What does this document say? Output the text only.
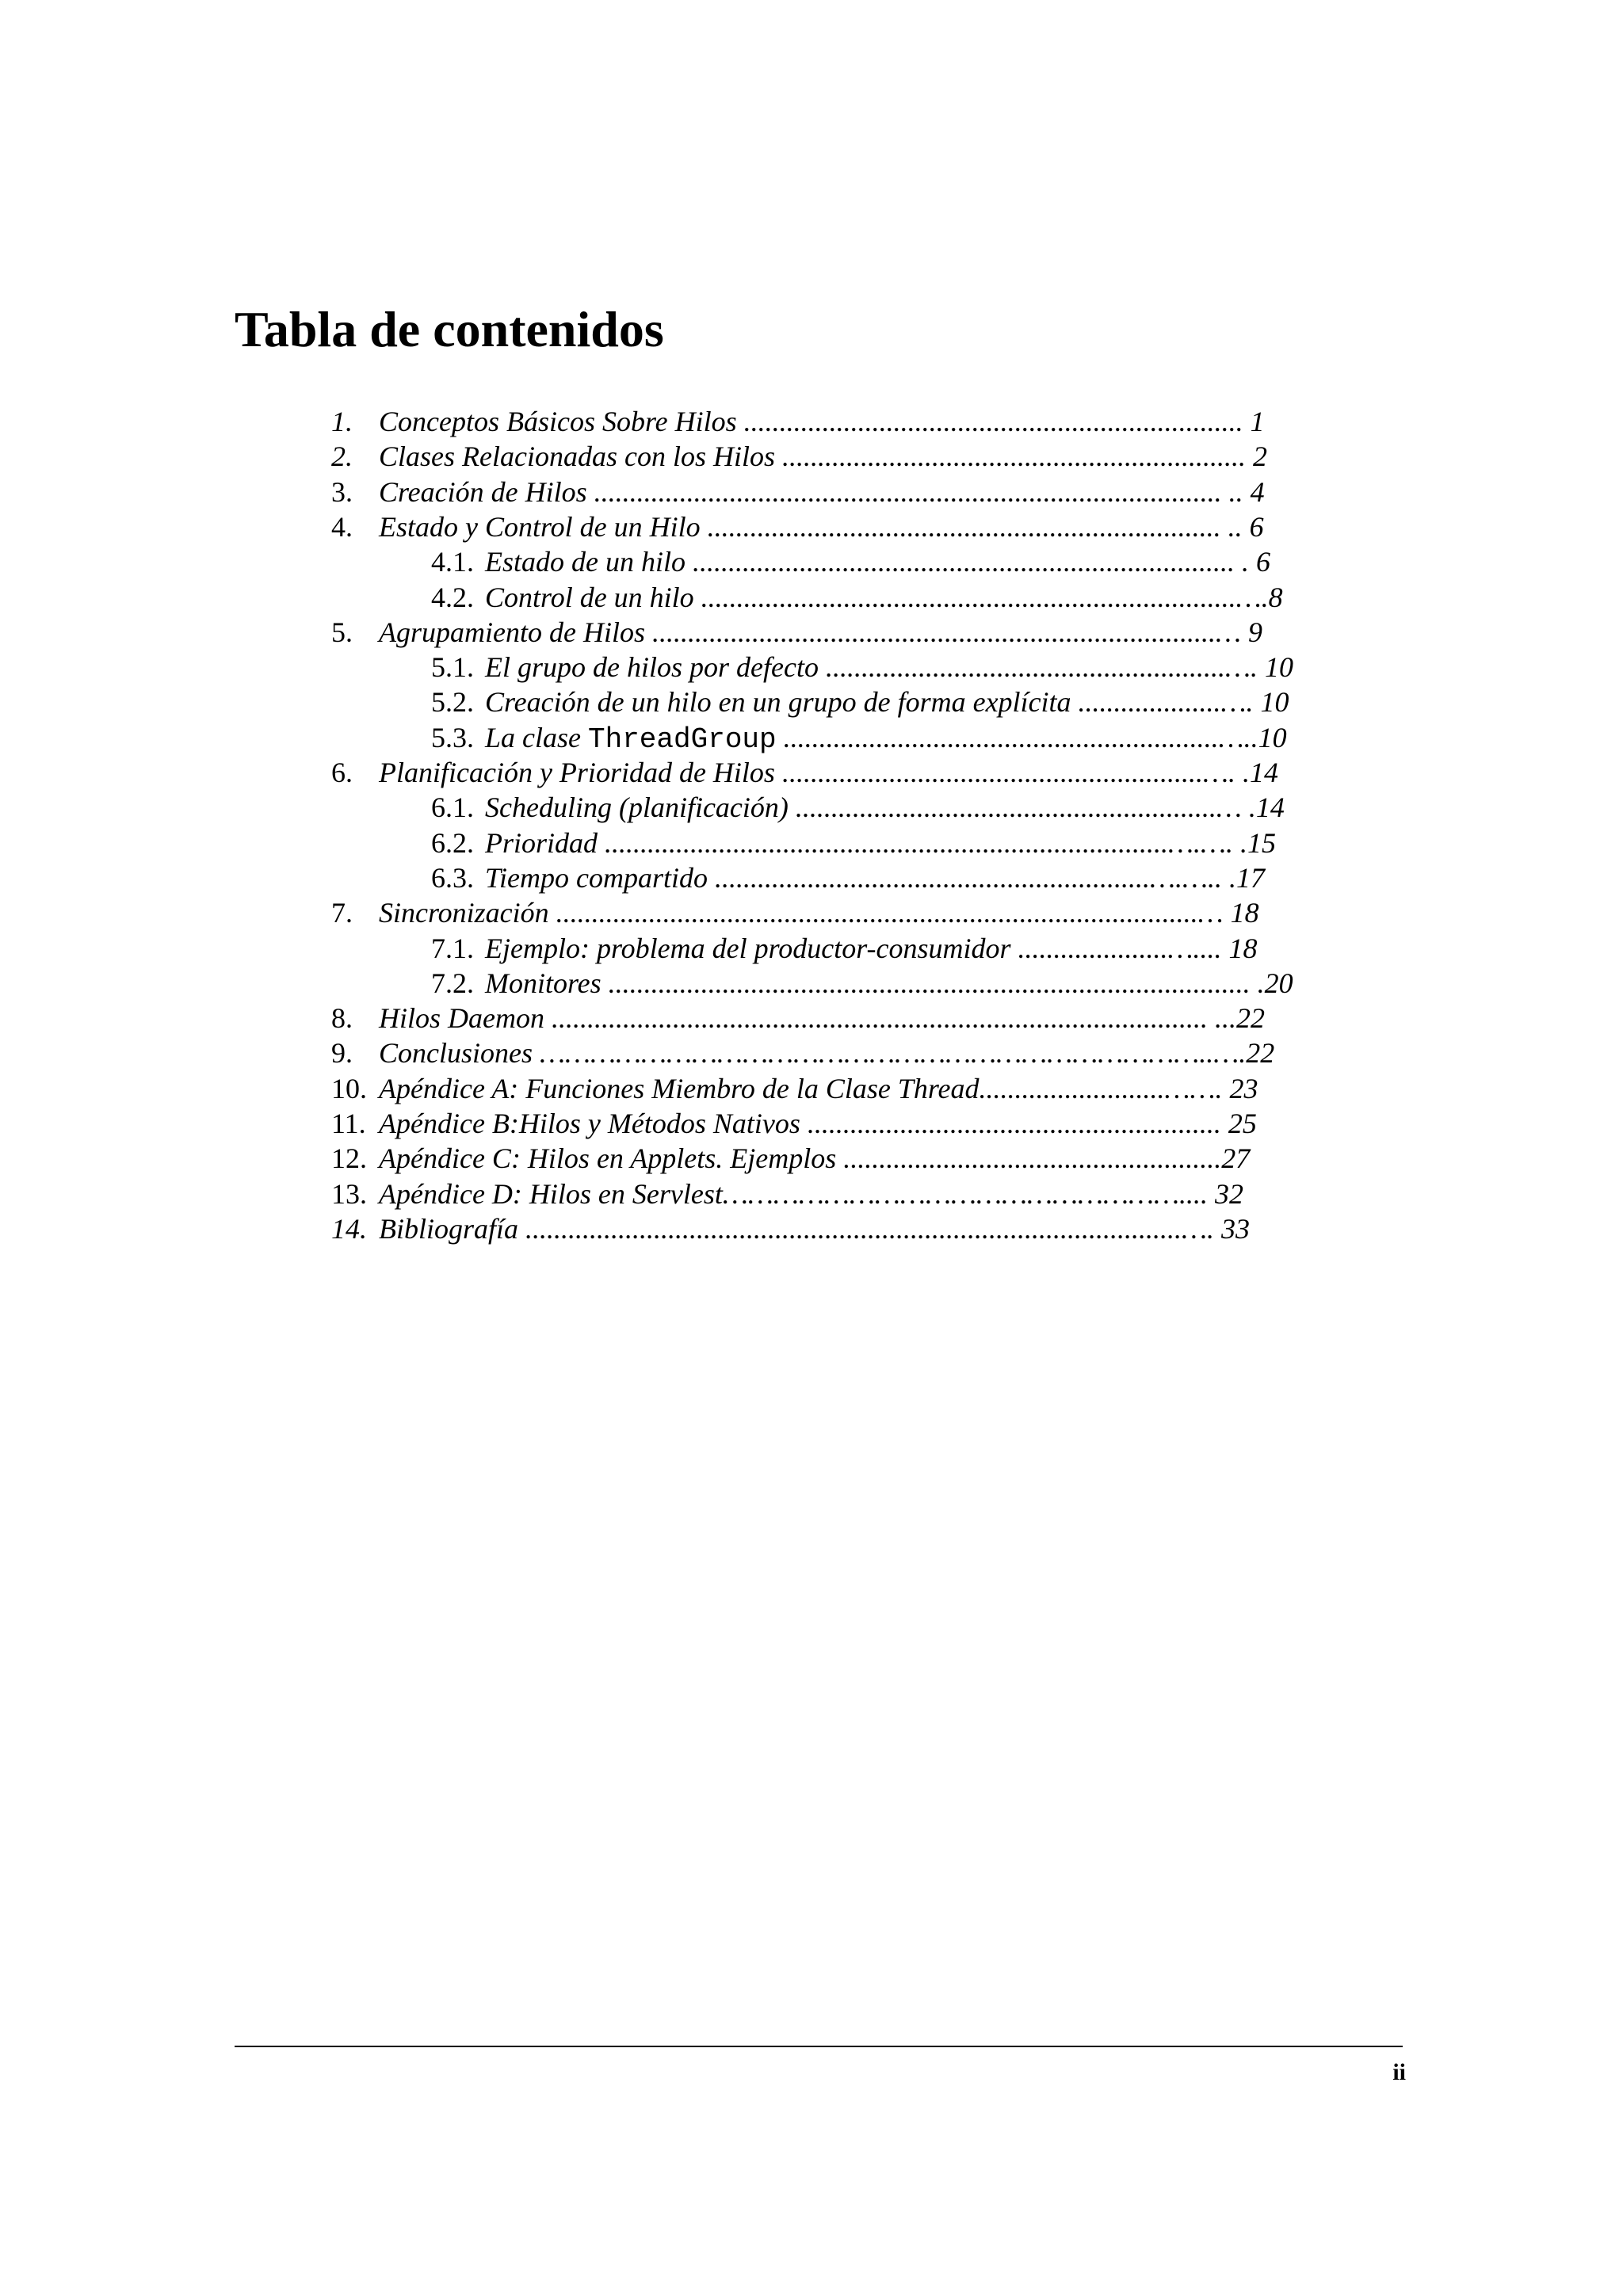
Tabla de contenidos
1. Conceptos Básicos Sobre Hilos ...................................................................... 1
2. Clases Relacionadas con los Hilos ................................................................. 2
3. Creación de Hilos ........................................................................................ .. 4
4. Estado y Control de un Hilo ........................................................................ .. 6
4.1. Estado de un hilo ............................................................................ . 6
4.2. Control de un hilo ...........................................................................….8
5. Agrupamiento de Hilos ...............................................................................… 9
5.1. El grupo de hilos por defecto ........................................................…. 10
5.2. Creación de un hilo en un grupo de forma explícita ....................…. 10
5.3. La clase ThreadGroup .............................................................…..10
6. Planificación y Prioridad de Hilos ...........................................................…. .14
6.1. Scheduling (planificación) ...........................................................… .14
6.2. Prioridad ...............................................................................….…. .15
6.3. Tiempo compartido .............................................................….….. .17
7. Sincronización ..........................................................................................… 18
7.1. Ejemplo: problema del productor-consumidor .....................….... 18
7.2. Monitores .......................................................................................... .20
8. Hilos Daemon ............................................................................................ ...22
9. Conclusiones ……………………………………………………………………..….22
10. Apéndice A: Funciones Miembro de la Clase Thread..........................……. 23
11. Apéndice B:Hilos y Métodos Nativos .......................................................... 25
12. Apéndice C: Hilos en Applets. Ejemplos .....................................................27
13. Apéndice D: Hilos en Servlest……………………………………………….... 32
14. Bibliografía ............................................................................................…. 33
ii
